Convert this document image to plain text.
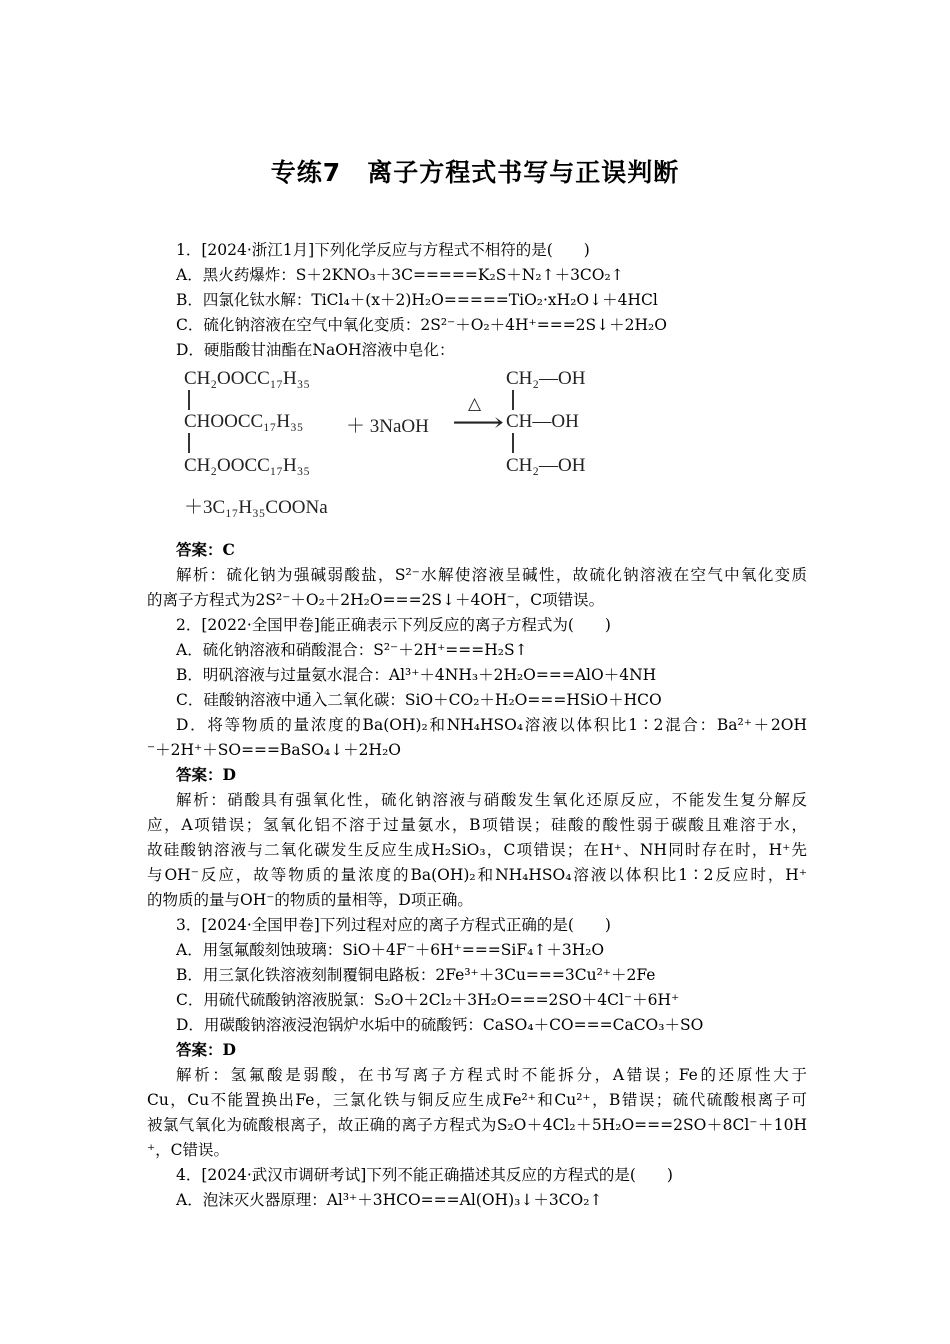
专练7　离子方程式书写与正误判断
1．[2024·浙江1月]下列化学反应与方程式不相符的是(　　)
A．黑火药爆炸：S＋2KNO₃＋3C=====K₂S＋N₂↑＋3CO₂↑
B．四氯化钛水解：TiCl₄＋(x＋2)H₂O=====TiO₂·xH₂O↓＋4HCl
C．硫化钠溶液在空气中氧化变质：2S²⁻＋O₂＋4H⁺===2S↓＋2H₂O
D．硬脂酸甘油酯在NaOH溶液中皂化：
CH₂OOCC₁₇H₃₅
CHOOCC₁₇H₃₅
CH₂OOCC₁₇H₃₅
＋ 3NaOH
△
⟶
CH₂—OH
CH—OH
CH₂—OH
＋3C₁₇H₃₅COONa
答案：C
解析：硫化钠为强碱弱酸盐，S²⁻水解使溶液呈碱性，故硫化钠溶液在空气中氧化变质
的离子方程式为2S²⁻＋O₂＋2H₂O===2S↓＋4OH⁻，C项错误。
2．[2022·全国甲卷]能正确表示下列反应的离子方程式为(　　)
A．硫化钠溶液和硝酸混合：S²⁻＋2H⁺===H₂S↑
B．明矾溶液与过量氨水混合：Al³⁺＋4NH₃＋2H₂O===AlO＋4NH
C．硅酸钠溶液中通入二氧化碳：SiO＋CO₂＋H₂O===HSiO＋HCO
D．将等物质的量浓度的Ba(OH)₂和NH₄HSO₄溶液以体积比1∶2混合：Ba²⁺＋2OH
⁻＋2H⁺＋SO===BaSO₄↓＋2H₂O
答案：D
解析：硝酸具有强氧化性，硫化钠溶液与硝酸发生氧化还原反应，不能发生复分解反
应，A项错误；氢氧化铝不溶于过量氨水，B项错误；硅酸的酸性弱于碳酸且难溶于水，
故硅酸钠溶液与二氧化碳发生反应生成H₂SiO₃，C项错误；在H⁺、NH同时存在时，H⁺先
与OH⁻反应，故等物质的量浓度的Ba(OH)₂和NH₄HSO₄溶液以体积比1∶2反应时，H⁺
的物质的量与OH⁻的物质的量相等，D项正确。
3．[2024·全国甲卷]下列过程对应的离子方程式正确的是(　　)
A．用氢氟酸刻蚀玻璃：SiO＋4F⁻＋6H⁺===SiF₄↑＋3H₂O
B．用三氯化铁溶液刻制覆铜电路板：2Fe³⁺＋3Cu===3Cu²⁺＋2Fe
C．用硫代硫酸钠溶液脱氯：S₂O＋2Cl₂＋3H₂O===2SO＋4Cl⁻＋6H⁺
D．用碳酸钠溶液浸泡锅炉水垢中的硫酸钙：CaSO₄＋CO===CaCO₃＋SO
答案：D
解析：氢氟酸是弱酸，在书写离子方程式时不能拆分，A错误；Fe的还原性大于
Cu，Cu不能置换出Fe，三氯化铁与铜反应生成Fe²⁺和Cu²⁺，B错误；硫代硫酸根离子可
被氯气氧化为硫酸根离子，故正确的离子方程式为S₂O＋4Cl₂＋5H₂O===2SO＋8Cl⁻＋10H
⁺，C错误。
4．[2024·武汉市调研考试]下列不能正确描述其反应的方程式的是(　　)
A．泡沫灭火器原理：Al³⁺＋3HCO===Al(OH)₃↓＋3CO₂↑
